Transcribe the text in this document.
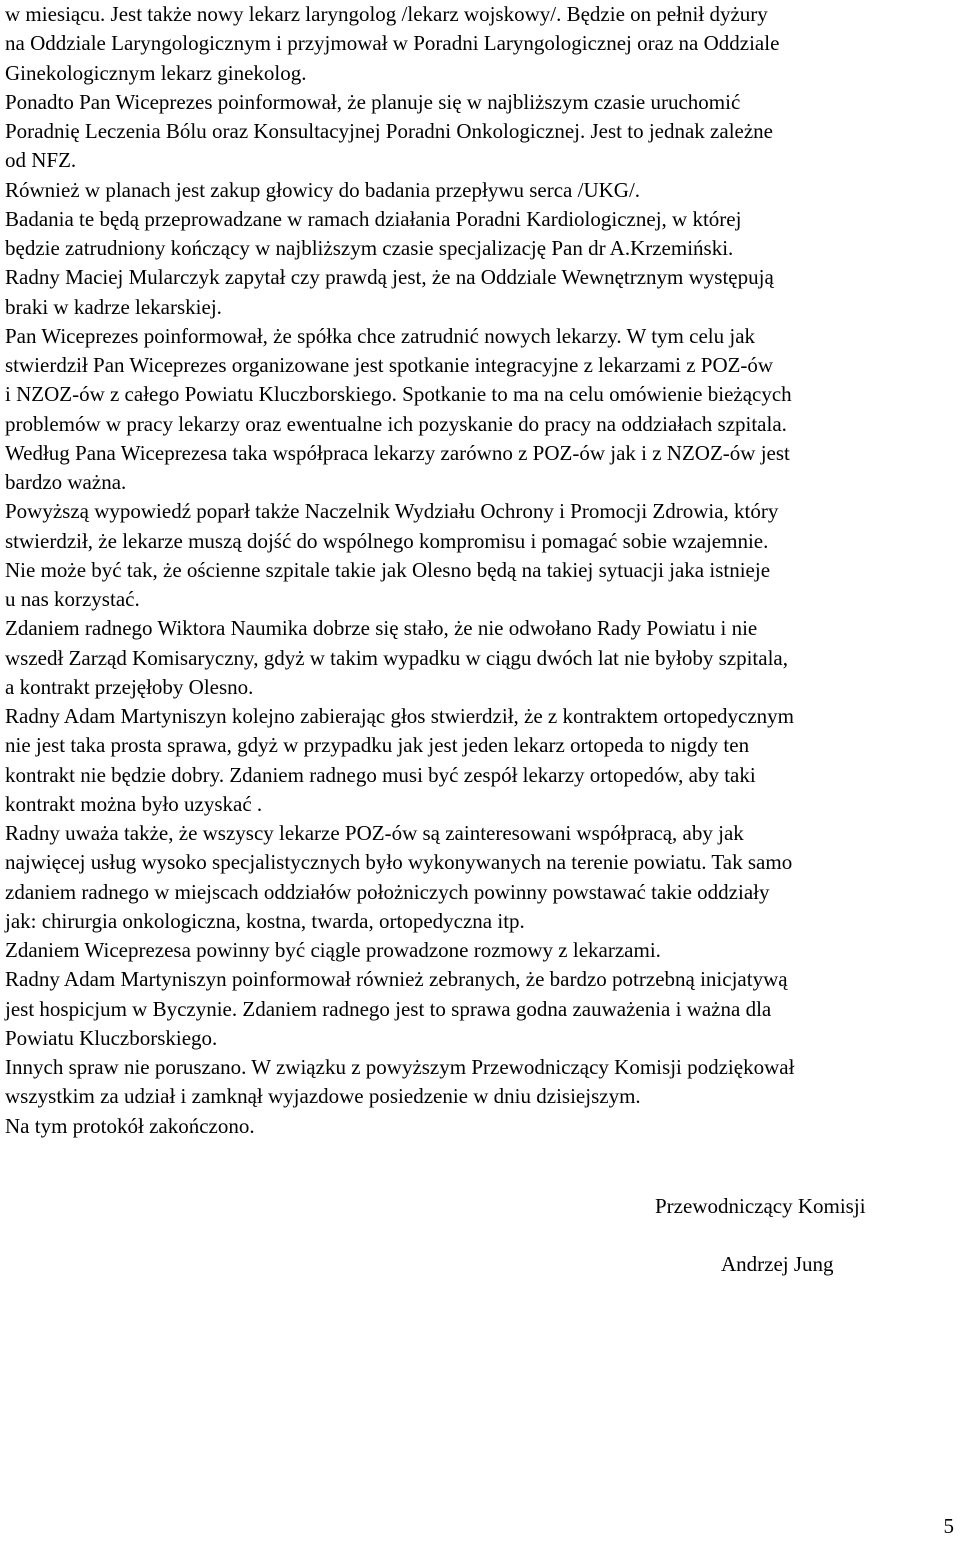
w miesiącu. Jest także nowy lekarz laryngolog /lekarz wojskowy/. Będzie on pełnił dyżury
na Oddziale Laryngologicznym i przyjmował w Poradni Laryngologicznej oraz na Oddziale
Ginekologicznym lekarz ginekolog.

Ponadto Pan Wiceprezes poinformował, że planuje się w najbliższym czasie uruchomić
Poradnię Leczenia Bólu oraz Konsultacyjnej Poradni Onkologicznej. Jest to jednak zależne
od NFZ.

Również w planach jest zakup głowicy do badania przepływu serca /UKG/.

Badania te będą przeprowadzane w ramach działania Poradni Kardiologicznej, w której
będzie zatrudniony kończący w najbliższym czasie specjalizację Pan dr A.Krzemiński.

Radny Maciej Mularczyk zapytał czy prawdą jest, że na Oddziale Wewnętrznym występują
braki w kadrze lekarskiej.

Pan Wiceprezes poinformował, że spółka chce zatrudnić nowych lekarzy. W tym celu jak
stwierdził Pan Wiceprezes organizowane jest spotkanie integracyjne z lekarzami z POZ-ów
i NZOZ-ów z całego Powiatu Kluczborskiego. Spotkanie to ma na celu omówienie bieżących
problemów w pracy lekarzy oraz ewentualne ich pozyskanie do pracy na oddziałach szpitala.
Według Pana Wiceprezesa taka współpraca lekarzy zarówno z POZ-ów jak i z NZOZ-ów jest
bardzo ważna.

Powyższą wypowiedź poparł także Naczelnik Wydziału Ochrony i Promocji Zdrowia, który
stwierdził, że lekarze muszą dojść do wspólnego kompromisu i pomagać sobie wzajemnie.

Nie może być tak, że ościenne szpitale takie jak Olesno będą na takiej sytuacji jaka istnieje
u nas korzystać.

Zdaniem radnego Wiktora Naumika dobrze się stało, że nie odwołano Rady Powiatu i nie
wszedł Zarząd Komisaryczny, gdyż w takim wypadku w ciągu dwóch lat nie byłoby szpitala,
a kontrakt przejęłoby Olesno.

Radny Adam Martyniszyn kolejno zabierając głos stwierdził, że z kontraktem ortopedycznym
nie jest taka prosta sprawa, gdyż w przypadku jak jest jeden lekarz ortopeda to nigdy ten
kontrakt nie będzie dobry. Zdaniem radnego musi być zespół lekarzy ortopedów, aby taki
kontrakt można było uzyskać .

Radny uważa także, że wszyscy lekarze POZ-ów są zainteresowani współpracą, aby jak
najwięcej usług wysoko specjalistycznych było wykonywanych na terenie powiatu. Tak samo
zdaniem radnego w miejscach oddziałów położniczych powinny powstawać takie oddziały
jak: chirurgia onkologiczna, kostna, twarda, ortopedyczna itp.

Zdaniem Wiceprezesa powinny być ciągle prowadzone rozmowy z lekarzami.

Radny Adam Martyniszyn poinformował również zebranych, że bardzo potrzebną inicjatywą
jest hospicjum w Byczynie. Zdaniem radnego jest to sprawa godna zauważenia i ważna dla
Powiatu Kluczborskiego.

Innych spraw nie poruszano. W związku z powyższym Przewodniczący Komisji podziękował
wszystkim za udział i zamknął wyjazdowe posiedzenie w dniu dzisiejszym.

Na tym protokół zakończono.

Przewodniczący Komisji
Andrzej Jung
5
